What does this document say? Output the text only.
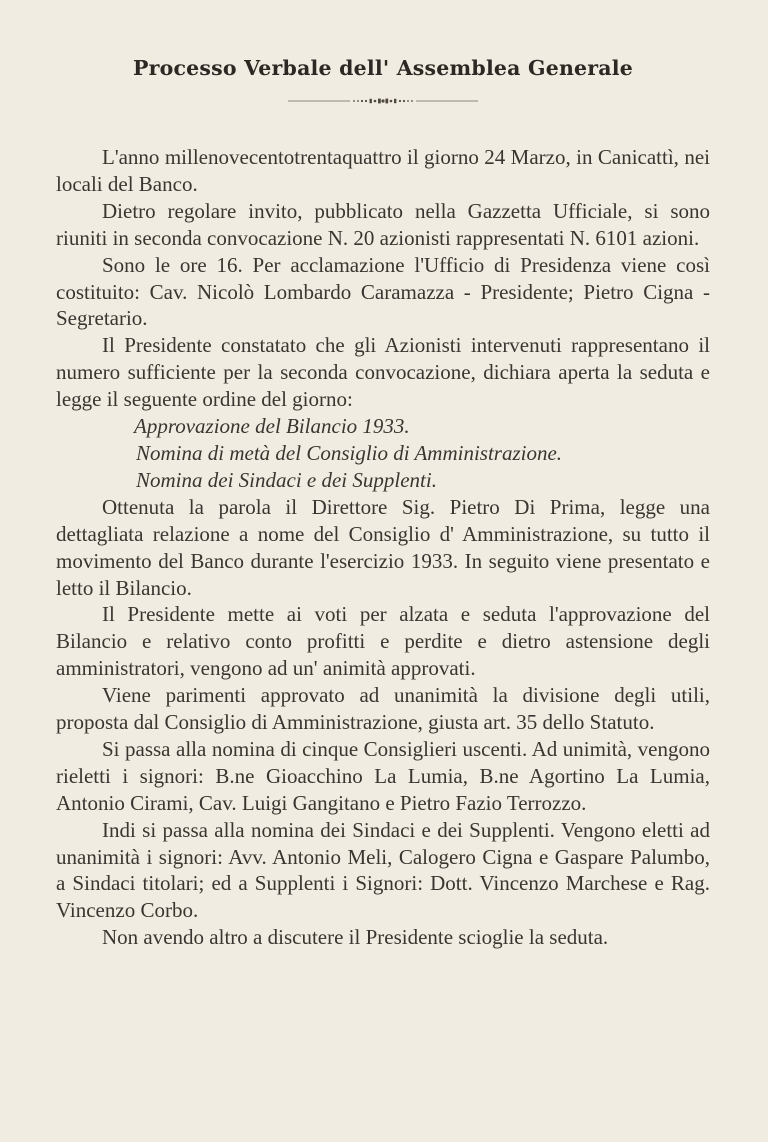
Processo Verbale dell' Assemblea Generale

L'anno millenovecentotrentaquattro il giorno 24 Marzo, in Canicattì, nei locali del Banco.

Dietro regolare invito, pubblicato nella Gazzetta Ufficiale, si sono riuniti in seconda convocazione N. 20 azionisti rappresentati N. 6101 azioni.

Sono le ore 16. Per acclamazione l'Ufficio di Presidenza viene così costituito: Cav. Nicolò Lombardo Caramazza - Presidente; Pietro Cigna - Segretario.

Il Presidente constatato che gli Azionisti intervenuti rappresentano il numero sufficiente per la seconda convocazione, dichiara aperta la seduta e legge il seguente ordine del giorno:

Approvazione del Bilancio 1933.

Nomina di metà del Consiglio di Amministrazione.

Nomina dei Sindaci e dei Supplenti.

Ottenuta la parola il Direttore Sig. Pietro Di Prima, legge una dettagliata relazione a nome del Consiglio d' Amministrazione, su tutto il movimento del Banco durante l'esercizio 1933. In seguito viene presentato e letto il Bilancio.

Il Presidente mette ai voti per alzata e seduta l'approvazione del Bilancio e relativo conto profitti e perdite e dietro astensione degli amministratori, vengono ad un' animità approvati.

Viene parimenti approvato ad unanimità la divisione degli utili, proposta dal Consiglio di Amministrazione, giusta art. 35 dello Statuto.

Si passa alla nomina di cinque Consiglieri uscenti. Ad unimità, vengono rieletti i signori: B.ne Gioacchino La Lumia, B.ne Agortino La Lumia, Antonio Cirami, Cav. Luigi Gangitano e Pietro Fazio Terrozzo.

Indi si passa alla nomina dei Sindaci e dei Supplenti. Vengono eletti ad unanimità i signori: Avv. Antonio Meli, Calogero Cigna e Gaspare Palumbo, a Sindaci titolari; ed a Supplenti i Signori: Dott. Vincenzo Marchese e Rag. Vincenzo Corbo.

Non avendo altro a discutere il Presidente scioglie la seduta.
